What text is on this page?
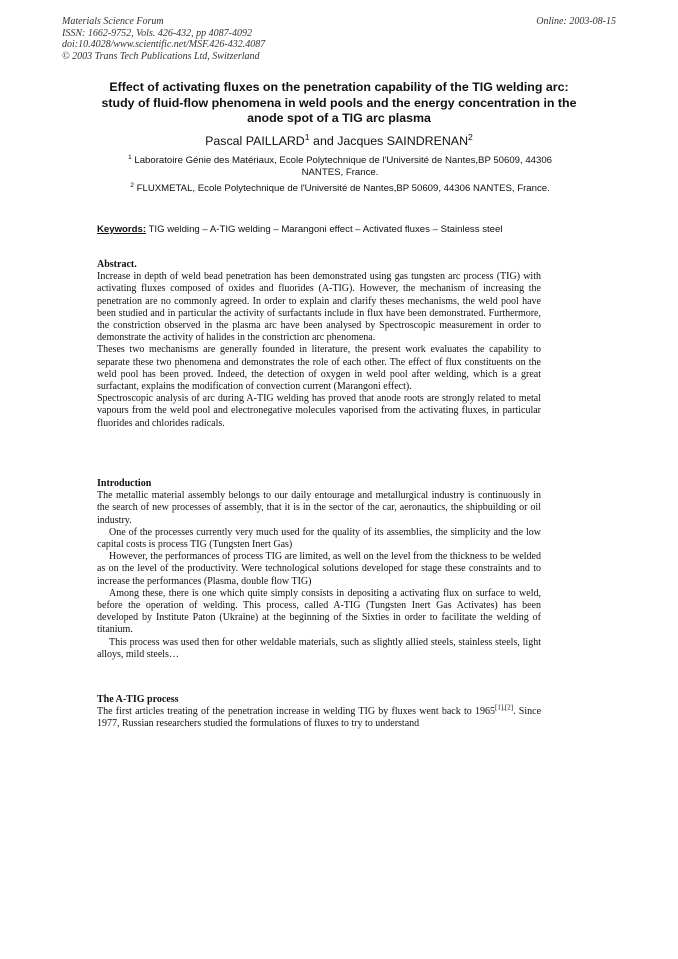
Materials Science Forum
ISSN: 1662-9752, Vols. 426-432, pp 4087-4092
doi:10.4028/www.scientific.net/MSF.426-432.4087
© 2003 Trans Tech Publications Ltd, Switzerland
Online: 2003-08-15
Effect of activating fluxes on the penetration capability of the TIG welding arc: study of fluid-flow phenomena in weld pools and the energy concentration in the anode spot of a TIG arc plasma
Pascal PAILLARD$^1$ and Jacques SAINDRENAN$^2$
$^1$ Laboratoire Génie des Matériaux, Ecole Polytechnique de l'Université de Nantes,BP 50609, 44306 NANTES, France.
$^2$ FLUXMETAL, Ecole Polytechnique de l'Université de Nantes,BP 50609, 44306 NANTES, France.
Keywords: TIG welding – A-TIG welding – Marangoni effect – Activated fluxes – Stainless steel

Abstract.

Increase in depth of weld bead penetration has been demonstrated using gas tungsten arc process (TIG) with activating fluxes composed of oxides and fluorides (A-TIG). However, the mechanism of increasing the penetration are no commonly agreed. In order to explain and clarify theses mechanisms, the weld pool have been studied and in particular the activity of surfactants include in flux have been demonstrated. Furthermore, the constriction observed in the plasma arc have been analysed by Spectroscopic measurement in order to demonstrate the activity of halides in the constriction arc phenomena.

Theses two mechanisms are generally founded in literature, the present work evaluates the capability to separate these two phenomena and demonstrates the role of each other. The effect of flux constituents on the weld pool has been proved. Indeed, the detection of oxygen in weld pool after welding, which is a great surfactant, explains the modification of convection current (Marangoni effect).

Spectroscopic analysis of arc during A-TIG welding has proved that anode roots are strongly related to metal vapours from the weld pool and electronegative molecules vaporised from the activating fluxes, in particular fluorides and chlorides radicals.

Introduction

The metallic material assembly belongs to our daily entourage and metallurgical industry is continuously in the search of new processes of assembly, that it is in the sector of the car, aeronautics, the shipbuilding or oil industry.

One of the processes currently very much used for the quality of its assemblies, the simplicity and the low capital costs is process TIG (Tungsten Inert Gas)

However, the performances of process TIG are limited, as well on the level from the thickness to be welded as on the level of the productivity. Were technological solutions developed for stage these constraints and to increase the performances (Plasma, double flow TIG)

Among these, there is one which quite simply consists in depositing a activating flux on surface to weld, before the operation of welding. This process, called A-TIG (Tungsten Inert Gas Activates) has been developed by Institute Paton (Ukraine) at the beginning of the Sixties in order to facilitate the welding of titanium.

This process was used then for other weldable materials, such as slightly allied steels, stainless steels, light alloys, mild steels…

The A-TIG process

The first articles treating of the penetration increase in welding TIG by fluxes went back to 1965[1],[2]. Since 1977, Russian researchers studied the formulations of fluxes to try to understand
